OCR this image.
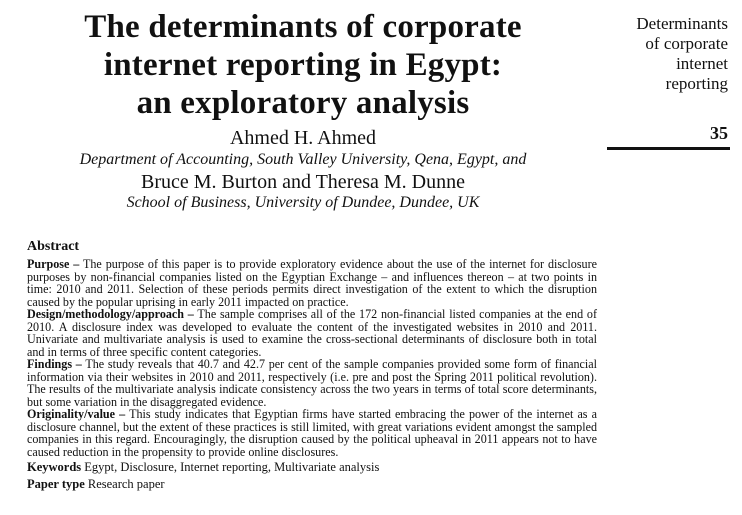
The determinants of corporate
internet reporting in Egypt:
an exploratory analysis
Ahmed H. Ahmed
Department of Accounting, South Valley University, Qena, Egypt, and
Bruce M. Burton and Theresa M. Dunne
School of Business, University of Dundee, Dundee, UK
Determinants
of corporate
internet
reporting
35
Abstract

Purpose – The purpose of this paper is to provide exploratory evidence about the use of the internet for disclosure purposes by non-financial companies listed on the Egyptian Exchange – and influences thereon – at two points in time: 2010 and 2011. Selection of these periods permits direct investigation of the extent to which the disruption caused by the popular uprising in early 2011 impacted on practice.

Design/methodology/approach – The sample comprises all of the 172 non-financial listed companies at the end of 2010. A disclosure index was developed to evaluate the content of the investigated websites in 2010 and 2011. Univariate and multivariate analysis is used to examine the cross-sectional determinants of disclosure both in total and in terms of three specific content categories.

Findings – The study reveals that 40.7 and 42.7 per cent of the sample companies provided some form of financial information via their websites in 2010 and 2011, respectively (i.e. pre and post the Spring 2011 political revolution). The results of the multivariate analysis indicate consistency across the two years in terms of total score determinants, but some variation in the disaggregated evidence.

Originality/value – This study indicates that Egyptian firms have started embracing the power of the internet as a disclosure channel, but the extent of these practices is still limited, with great variations evident amongst the sampled companies in this regard. Encouragingly, the disruption caused by the political upheaval in 2011 appears not to have caused reduction in the propensity to provide online disclosures.

Keywords Egypt, Disclosure, Internet reporting, Multivariate analysis
Paper type Research paper
